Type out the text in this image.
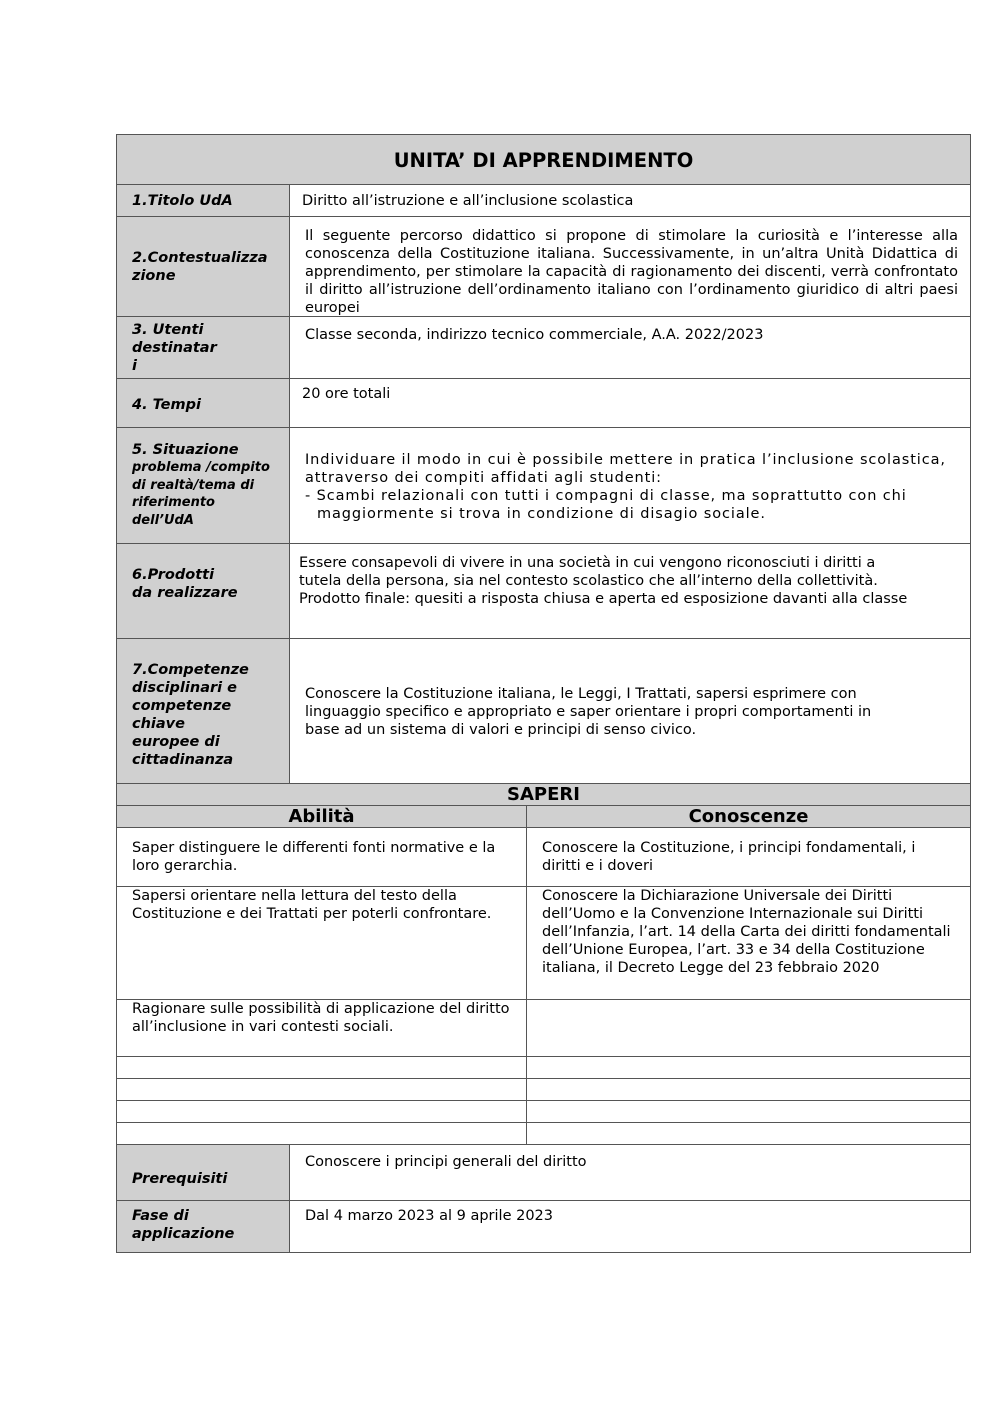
UNITA’ DI APPRENDIMENTO
1.Titolo UdA	Diritto all’istruzione e all’inclusione scolastica
2.Contestualizza
zione
Il seguente percorso didattico si propone di stimolare la curiosità e l’interesse alla conoscenza della Costituzione italiana. Successivamente, in un’altra Unità Didattica di apprendimento, per stimolare la capacità di ragionamento dei discenti, verrà confrontato il diritto all’istruzione dell’ordinamento italiano con l’ordinamento giuridico di altri paesi europei
3. Utenti
destinatar
i
Classe seconda, indirizzo tecnico commerciale, A.A. 2022/2023
4. Tempi
20 ore totali
5. Situazione
problema /compito
di realtà/tema di
riferimento
dell’UdA
Individuare il modo in cui è possibile mettere in pratica l’inclusione scolastica, attraverso dei compiti affidati agli studenti:
- Scambi relazionali con tutti i compagni di classe, ma soprattutto con chi maggiormente si trova in condizione di disagio sociale.
6.Prodotti
da realizzare
Essere consapevoli di vivere in una società in cui vengono riconosciuti i diritti a
tutela della persona, sia nel contesto scolastico che all’interno della collettività.
Prodotto finale: quesiti a risposta chiusa e aperta ed esposizione davanti alla classe
7.Competenze
disciplinari e
competenze
chiave
europee di
cittadinanza
Conoscere la Costituzione italiana, le Leggi, I Trattati, sapersi esprimere con
linguaggio specifico e appropriato e saper orientare i propri comportamenti in
base ad un sistema di valori e principi di senso civico.
SAPERI
Abilità	Conoscenze
Saper distinguere le differenti fonti normative e la loro gerarchia.
Conoscere la Costituzione, i principi fondamentali, i diritti e i doveri
Sapersi orientare nella lettura del testo della Costituzione e dei Trattati per poterli confrontare.
Conoscere la Dichiarazione Universale dei Diritti dell’Uomo e la Convenzione Internazionale sui Diritti dell’Infanzia, l’art. 14 della Carta dei diritti fondamentali dell’Unione Europea, l’art. 33 e 34 della Costituzione italiana, il Decreto Legge del 23 febbraio 2020
Ragionare sulle possibilità di applicazione del diritto all’inclusione in vari contesti sociali.
Prerequisiti
Conoscere i principi generali del diritto
Fase di
applicazione
Dal 4 marzo 2023 al 9 aprile 2023
